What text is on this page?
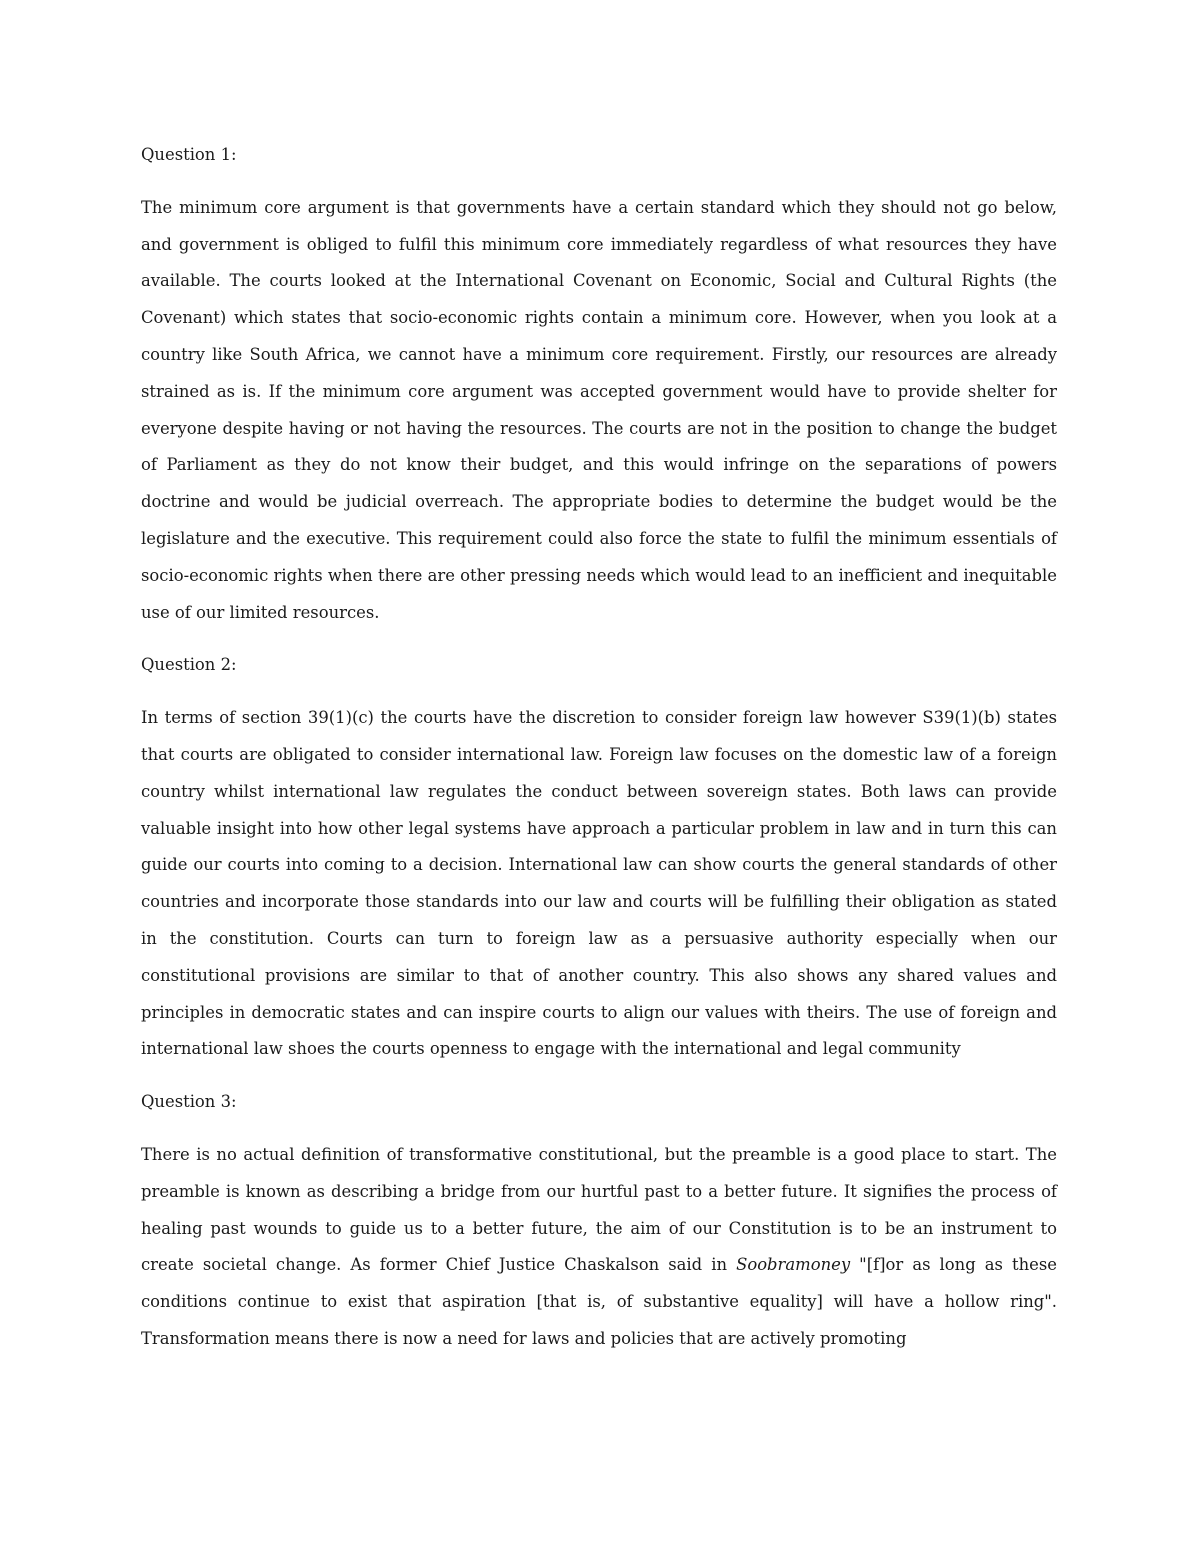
Question 1:

The minimum core argument is that governments have a certain standard which they should not go below, and government is obliged to fulfil this minimum core immediately regardless of what resources they have available. The courts looked at the International Covenant on Economic, Social and Cultural Rights (the Covenant) which states that socio-economic rights contain a minimum core. However, when you look at a country like South Africa, we cannot have a minimum core requirement. Firstly, our resources are already strained as is. If the minimum core argument was accepted government would have to provide shelter for everyone despite having or not having the resources. The courts are not in the position to change the budget of Parliament as they do not know their budget, and this would infringe on the separations of powers doctrine and would be judicial overreach. The appropriate bodies to determine the budget would be the legislature and the executive. This requirement could also force the state to fulfil the minimum essentials of socio-economic rights when there are other pressing needs which would lead to an inefficient and inequitable use of our limited resources.

Question 2:

In terms of section 39(1)(c) the courts have the discretion to consider foreign law however S39(1)(b) states that courts are obligated to consider international law. Foreign law focuses on the domestic law of a foreign country whilst international law regulates the conduct between sovereign states. Both laws can provide valuable insight into how other legal systems have approach a particular problem in law and in turn this can guide our courts into coming to a decision. International law can show courts the general standards of other countries and incorporate those standards into our law and courts will be fulfilling their obligation as stated in the constitution. Courts can turn to foreign law as a persuasive authority especially when our constitutional provisions are similar to that of another country. This also shows any shared values and principles in democratic states and can inspire courts to align our values with theirs. The use of foreign and international law shoes the courts openness to engage with the international and legal community

Question 3:

There is no actual definition of transformative constitutional, but the preamble is a good place to start. The preamble is known as describing a bridge from our hurtful past to a better future. It signifies the process of healing past wounds to guide us to a better future, the aim of our Constitution is to be an instrument to create societal change. As former Chief Justice Chaskalson said in Soobramoney "[f]or as long as these conditions continue to exist that aspiration [that is, of substantive equality] will have a hollow ring". Transformation means there is now a need for laws and policies that are actively promoting
